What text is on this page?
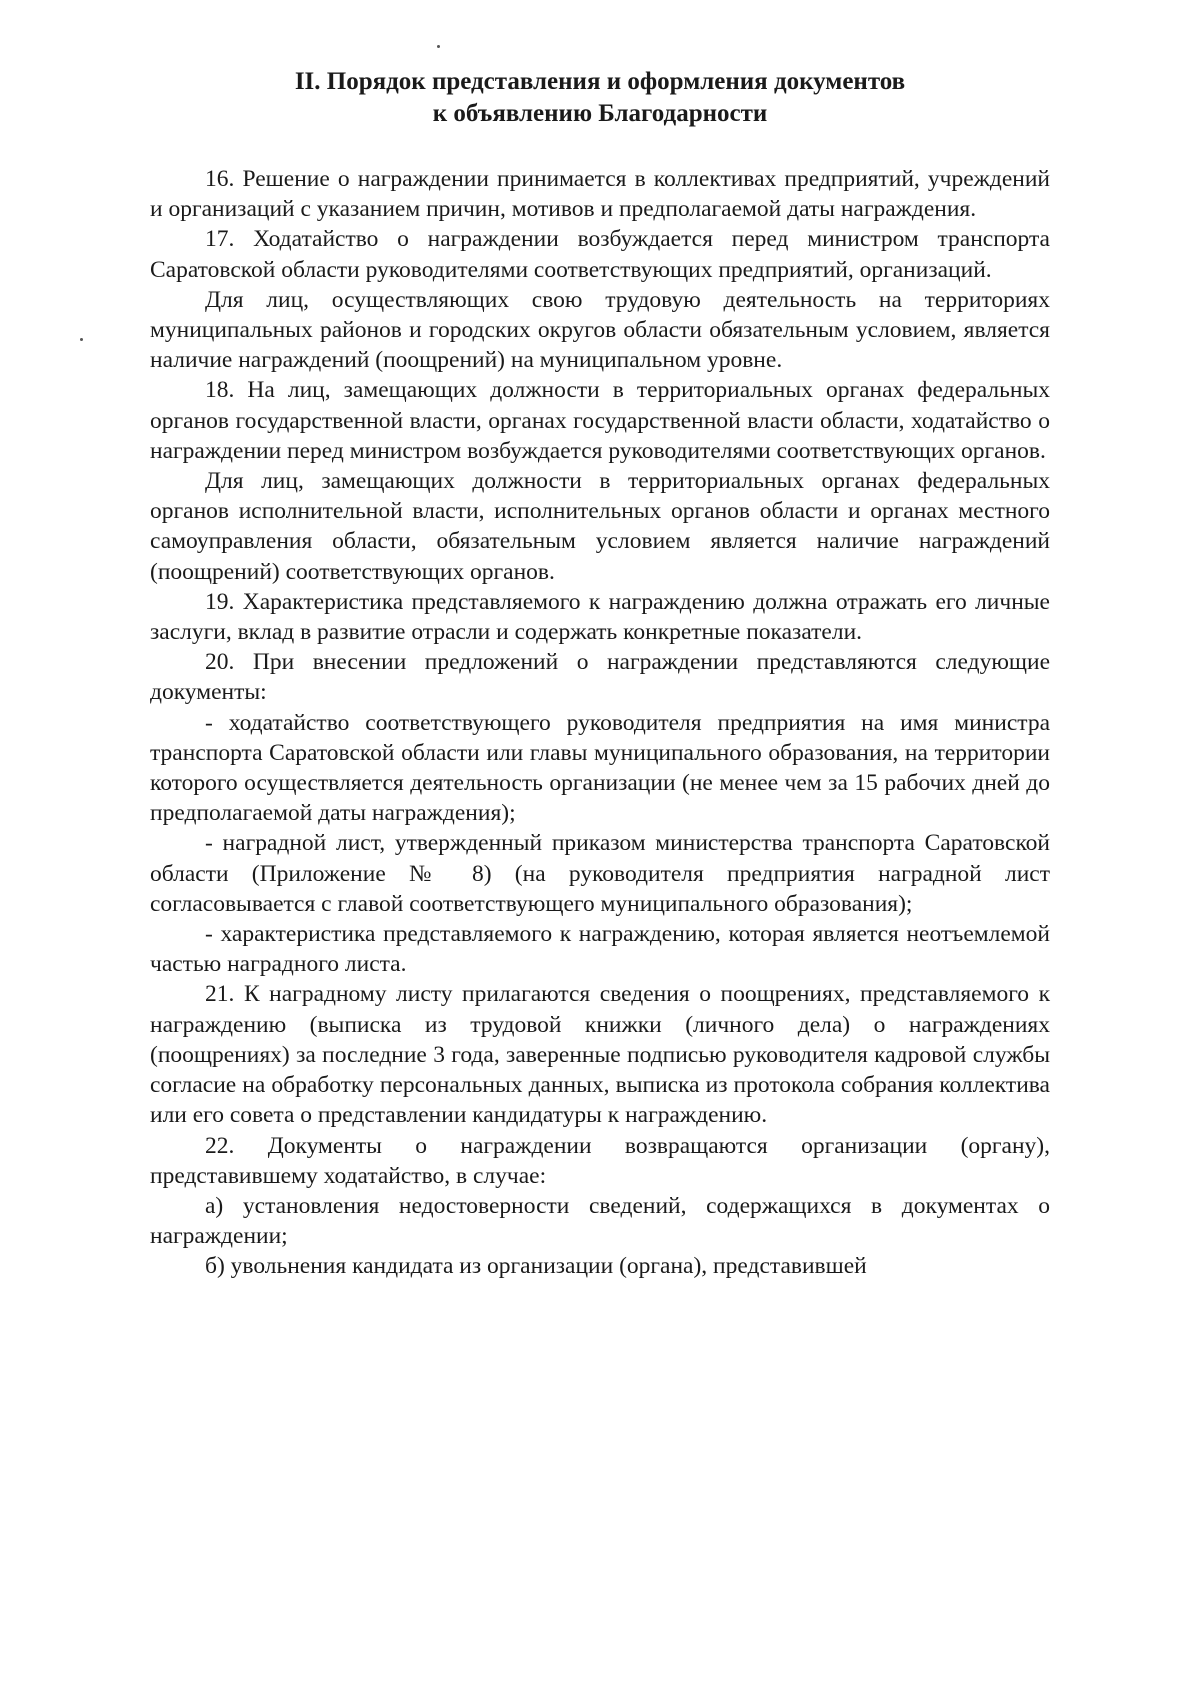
II. Порядок представления и оформления документов
к объявлению Благодарности

16. Решение о награждении принимается в коллективах предприятий, учреждений и организаций с указанием причин, мотивов и предполагаемой даты награждения.

17. Ходатайство о награждении возбуждается перед министром транспорта Саратовской области руководителями соответствующих предприятий, организаций.

Для лиц, осуществляющих свою трудовую деятельность на территориях муниципальных районов и городских округов области обязательным условием, является наличие награждений (поощрений) на муниципальном уровне.

18. На лиц, замещающих должности в территориальных органах федеральных органов государственной власти, органах государственной власти области, ходатайство о награждении перед министром возбуждается руководителями соответствующих органов.

Для лиц, замещающих должности в территориальных органах федеральных органов исполнительной власти, исполнительных органов области и органах местного самоуправления области, обязательным условием является наличие награждений (поощрений) соответствующих органов.

19. Характеристика представляемого к награждению должна отражать его личные заслуги, вклад в развитие отрасли и содержать конкретные показатели.

20. При внесении предложений о награждении представляются следующие документы:

- ходатайство соответствующего руководителя предприятия на имя министра транспорта Саратовской области или главы муниципального образования, на территории которого осуществляется деятельность организации (не менее чем за 15 рабочих дней до предполагаемой даты награждения);

- наградной лист, утвержденный приказом министерства транспорта Саратовской области (Приложение № 8) (на руководителя предприятия наградной лист согласовывается с главой соответствующего муниципального образования);

- характеристика представляемого к награждению, которая является неотъемлемой частью наградного листа.

21. К наградному листу прилагаются сведения о поощрениях, представляемого к награждению (выписка из трудовой книжки (личного дела) о награждениях (поощрениях) за последние 3 года, заверенные подписью руководителя кадровой службы согласие на обработку персональных данных, выписка из протокола собрания коллектива или его совета о представлении кандидатуры к награждению.

22. Документы о награждении возвращаются организации (органу), представившему ходатайство, в случае:

а) установления недостоверности сведений, содержащихся в документах о награждении;

б) увольнения кандидата из организации (органа), представившей
